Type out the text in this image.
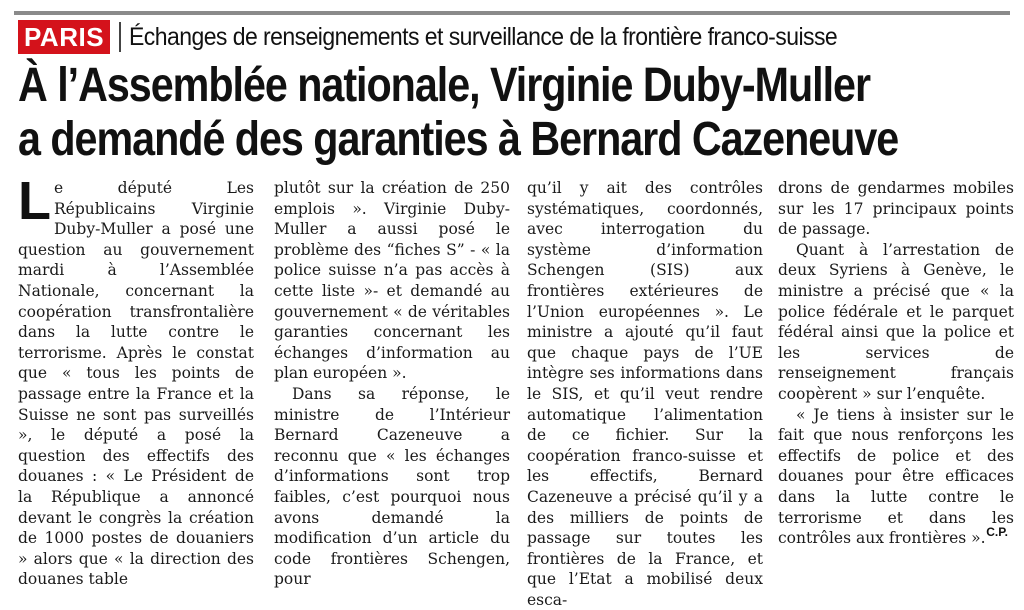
PARIS Échanges de renseignements et surveillance de la frontière franco-suisse
À l’Assemblée nationale, Virginie Duby-Muller
a demandé des garanties à Bernard Cazeneuve

Le député Les Républicains Virginie Duby-Muller a posé une question au gouvernement mardi à l’Assemblée Nationale, concernant la coopération transfrontalière dans la lutte contre le terrorisme. Après le constat que « tous les points de passage entre la France et la Suisse ne sont pas surveillés », le député a posé la question des effectifs des douanes : « Le Président de la République a annoncé devant le congrès la création de 1000 postes de douaniers » alors que « la direction des douanes table

plutôt sur la création de 250 emplois ». Virginie Duby-Muller a aussi posé le problème des “fiches S” - « la police suisse n’a pas accès à cette liste »- et demandé au gouvernement « de véritables garanties concernant les échanges d’information au plan européen ».

Dans sa réponse, le ministre de l’Intérieur Bernard Cazeneuve a reconnu que « les échanges d’informations sont trop faibles, c’est pourquoi nous avons demandé la modification d’un article du code frontières Schengen, pour

qu’il y ait des contrôles systématiques, coordonnés, avec interrogation du système d’information Schengen (SIS) aux frontières extérieures de l’Union européennes ». Le ministre a ajouté qu’il faut que chaque pays de l’UE intègre ses informations dans le SIS, et qu’il veut rendre automatique l’alimentation de ce fichier. Sur la coopération franco-suisse et les effectifs, Bernard Cazeneuve a précisé qu’il y a des milliers de points de passage sur toutes les frontières de la France, et que l’Etat a mobilisé deux esca-

drons de gendarmes mobiles sur les 17 principaux points de passage.

Quant à l’arrestation de deux Syriens à Genève, le ministre a précisé que « la police fédérale et le parquet fédéral ainsi que la police et les services de renseignement français coopèrent » sur l’enquête.

« Je tiens à insister sur le fait que nous renforçons les effectifs de police et des douanes pour être efficaces dans la lutte contre le terrorisme et dans les contrôles aux frontières ». C.P.
